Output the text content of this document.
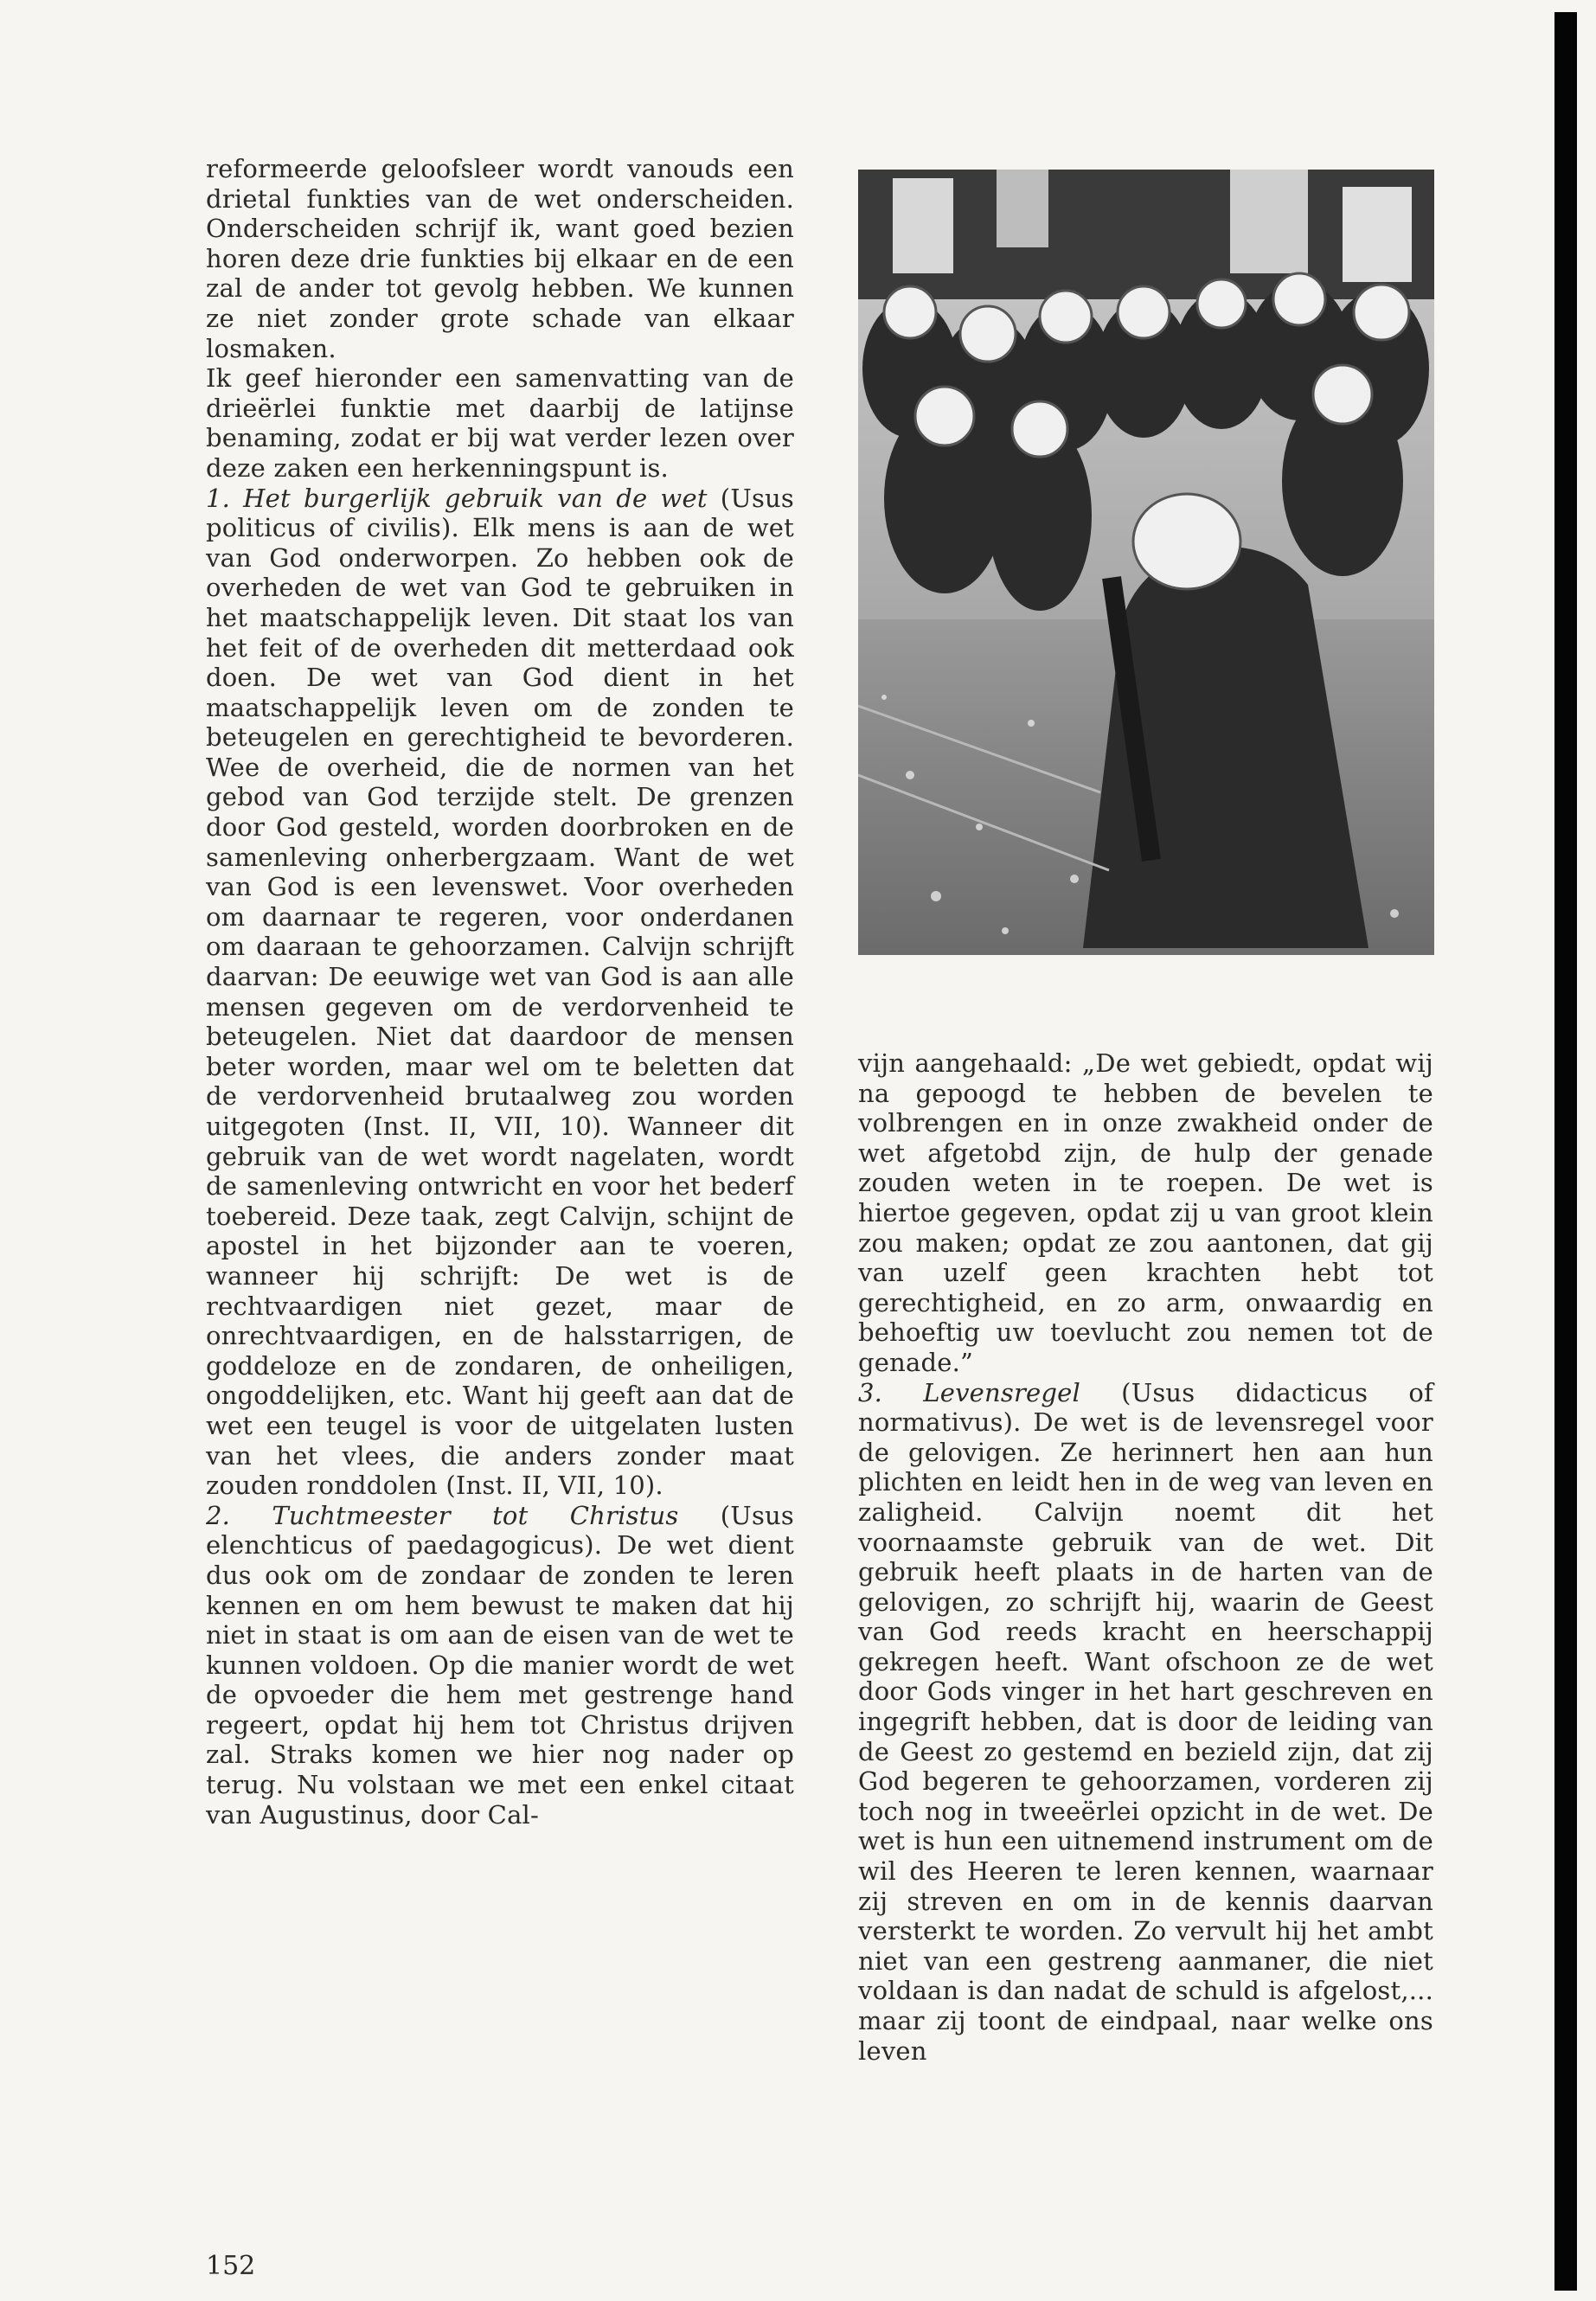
reformeerde geloofsleer wordt vanouds een drietal funkties van de wet onderscheiden. Onderscheiden schrijf ik, want goed bezien horen deze drie funkties bij elkaar en de een zal de ander tot gevolg hebben. We kunnen ze niet zonder grote schade van elkaar losmaken.

Ik geef hieronder een samenvatting van de drieërlei funktie met daarbij de latijnse benaming, zodat er bij wat verder lezen over deze zaken een herkenningspunt is.

1. Het burgerlijk gebruik van de wet (Usus politicus of civilis). Elk mens is aan de wet van God onderworpen. Zo hebben ook de overheden de wet van God te gebruiken in het maatschappelijk leven. Dit staat los van het feit of de overheden dit metterdaad ook doen. De wet van God dient in het maatschappelijk leven om de zonden te beteugelen en gerechtigheid te bevorderen. Wee de overheid, die de normen van het gebod van God terzijde stelt. De grenzen door God gesteld, worden doorbroken en de samenleving onherbergzaam. Want de wet van God is een levenswet. Voor overheden om daarnaar te regeren, voor onderdanen om daaraan te gehoorzamen. Calvijn schrijft daarvan: De eeuwige wet van God is aan alle mensen gegeven om de verdorvenheid te beteugelen. Niet dat daardoor de mensen beter worden, maar wel om te beletten dat de verdorvenheid brutaalweg zou worden uitgegoten (Inst. II, VII, 10). Wanneer dit gebruik van de wet wordt nagelaten, wordt de samenleving ontwricht en voor het bederf toebereid. Deze taak, zegt Calvijn, schijnt de apostel in het bijzonder aan te voeren, wanneer hij schrijft: De wet is de rechtvaardigen niet gezet, maar de onrechtvaardigen, en de halsstarrigen, de goddeloze en de zondaren, de onheiligen, ongoddelijken, etc. Want hij geeft aan dat de wet een teugel is voor de uitgelaten lusten van het vlees, die anders zonder maat zouden ronddolen (Inst. II, VII, 10).

2. Tuchtmeester tot Christus (Usus elenchticus of paedagogicus). De wet dient dus ook om de zondaar de zonden te leren kennen en om hem bewust te maken dat hij niet in staat is om aan de eisen van de wet te kunnen voldoen. Op die manier wordt de wet de opvoeder die hem met gestrenge hand regeert, opdat hij hem tot Christus drijven zal. Straks komen we hier nog nader op terug. Nu volstaan we met een enkel citaat van Augustinus, door Cal-

vijn aangehaald: „De wet gebiedt, opdat wij na gepoogd te hebben de bevelen te volbrengen en in onze zwakheid onder de wet afgetobd zijn, de hulp der genade zouden weten in te roepen. De wet is hiertoe gegeven, opdat zij u van groot klein zou maken; opdat ze zou aantonen, dat gij van uzelf geen krachten hebt tot gerechtigheid, en zo arm, onwaardig en behoeftig uw toevlucht zou nemen tot de genade.”

3. Levensregel (Usus didacticus of normativus). De wet is de levensregel voor de gelovigen. Ze herinnert hen aan hun plichten en leidt hen in de weg van leven en zaligheid. Calvijn noemt dit het voornaamste gebruik van de wet. Dit gebruik heeft plaats in de harten van de gelovigen, zo schrijft hij, waarin de Geest van God reeds kracht en heerschappij gekregen heeft. Want ofschoon ze de wet door Gods vinger in het hart geschreven en ingegrift hebben, dat is door de leiding van de Geest zo gestemd en bezield zijn, dat zij God begeren te gehoorzamen, vorderen zij toch nog in tweeërlei opzicht in de wet. De wet is hun een uitnemend instrument om de wil des Heeren te leren kennen, waarnaar zij streven en om in de kennis daarvan versterkt te worden. Zo vervult hij het ambt niet van een gestreng aanmaner, die niet voldaan is dan nadat de schuld is afgelost,... maar zij toont de eindpaal, naar welke ons leven

152
